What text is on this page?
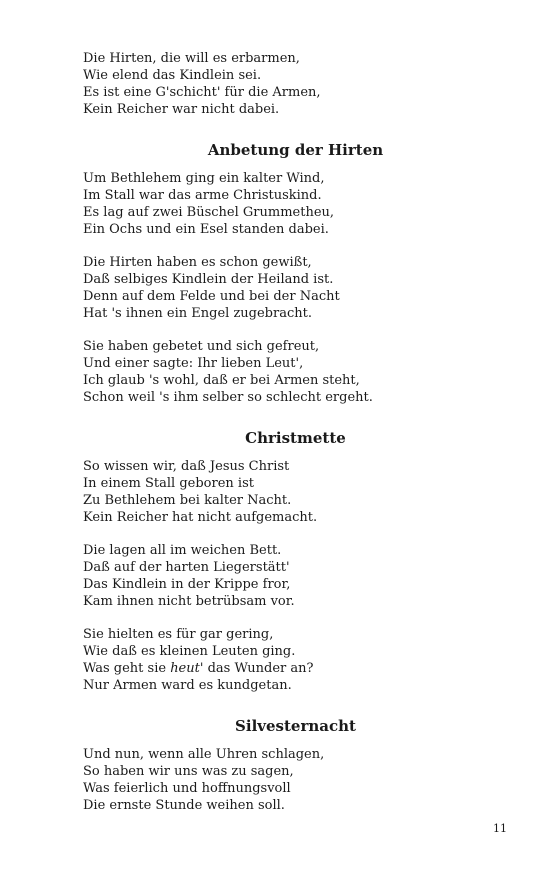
Die Hirten, die will es erbarmen,
Wie elend das Kindlein sei.
Es ist eine G'schicht' für die Armen,
Kein Reicher war nicht dabei.
Anbetung der Hirten
Um Bethlehem ging ein kalter Wind,
Im Stall war das arme Christuskind.
Es lag auf zwei Büschel Grummetheu,
Ein Ochs und ein Esel standen dabei.
Die Hirten haben es schon gewißt,
Daß selbiges Kindlein der Heiland ist.
Denn auf dem Felde und bei der Nacht
Hat 's ihnen ein Engel zugebracht.
Sie haben gebetet und sich gefreut,
Und einer sagte: Ihr lieben Leut',
Ich glaub 's wohl, daß er bei Armen steht,
Schon weil 's ihm selber so schlecht ergeht.
Christmette
So wissen wir, daß Jesus Christ
In einem Stall geboren ist
Zu Bethlehem bei kalter Nacht.
Kein Reicher hat nicht aufgemacht.
Die lagen all im weichen Bett.
Daß auf der harten Liegerstätt'
Das Kindlein in der Krippe fror,
Kam ihnen nicht betrübsam vor.
Sie hielten es für gar gering,
Wie daß es kleinen Leuten ging.
Was geht sie heut' das Wunder an?
Nur Armen ward es kundgetan.
Silvesternacht
Und nun, wenn alle Uhren schlagen,
So haben wir uns was zu sagen,
Was feierlich und hoffnungsvoll
Die ernste Stunde weihen soll.
11
